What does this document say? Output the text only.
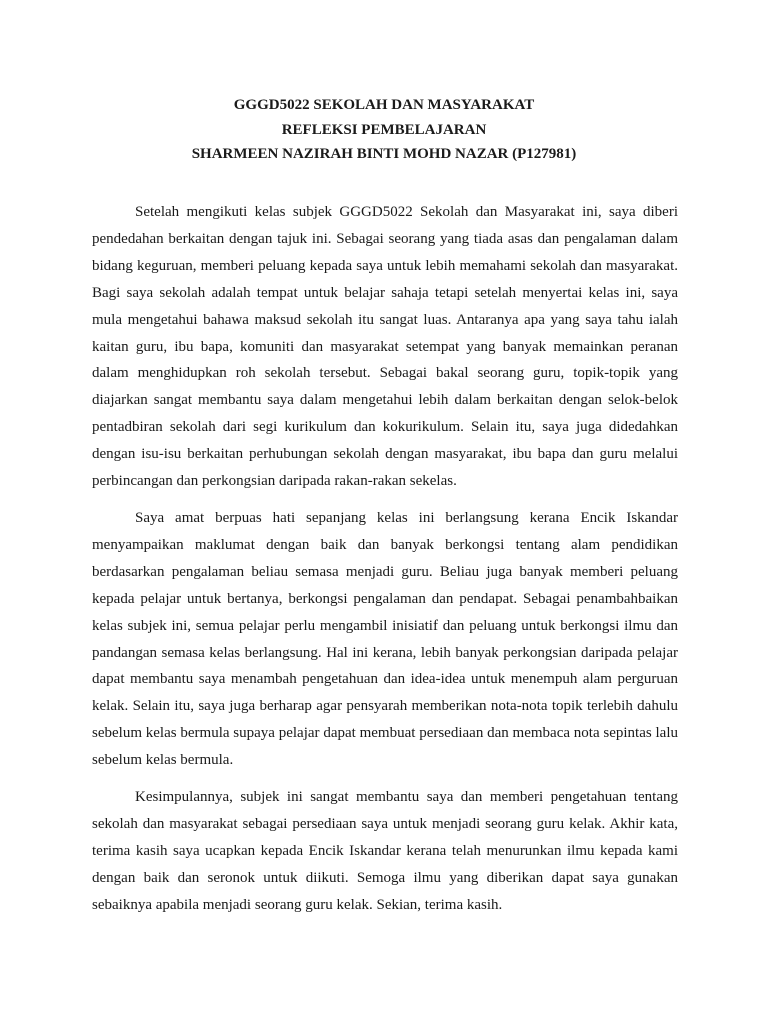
GGGD5022 SEKOLAH DAN MASYARAKAT
REFLEKSI PEMBELAJARAN
SHARMEEN NAZIRAH BINTI MOHD NAZAR (P127981)

Setelah mengikuti kelas subjek GGGD5022 Sekolah dan Masyarakat ini, saya diberi pendedahan berkaitan dengan tajuk ini. Sebagai seorang yang tiada asas dan pengalaman dalam bidang keguruan, memberi peluang kepada saya untuk lebih memahami sekolah dan masyarakat. Bagi saya sekolah adalah tempat untuk belajar sahaja tetapi setelah menyertai kelas ini, saya mula mengetahui bahawa maksud sekolah itu sangat luas. Antaranya apa yang saya tahu ialah kaitan guru, ibu bapa, komuniti dan masyarakat setempat yang banyak memainkan peranan dalam menghidupkan roh sekolah tersebut. Sebagai bakal seorang guru, topik-topik yang diajarkan sangat membantu saya dalam mengetahui lebih dalam berkaitan dengan selok-belok pentadbiran sekolah dari segi kurikulum dan kokurikulum. Selain itu, saya juga didedahkan dengan isu-isu berkaitan perhubungan sekolah dengan masyarakat, ibu bapa dan guru melalui perbincangan dan perkongsian daripada rakan-rakan sekelas.

Saya amat berpuas hati sepanjang kelas ini berlangsung kerana Encik Iskandar menyampaikan maklumat dengan baik dan banyak berkongsi tentang alam pendidikan berdasarkan pengalaman beliau semasa menjadi guru. Beliau juga banyak memberi peluang kepada pelajar untuk bertanya, berkongsi pengalaman dan pendapat. Sebagai penambahbaikan kelas subjek ini, semua pelajar perlu mengambil inisiatif dan peluang untuk berkongsi ilmu dan pandangan semasa kelas berlangsung. Hal ini kerana, lebih banyak perkongsian daripada pelajar dapat membantu saya menambah pengetahuan dan idea-idea untuk menempuh alam perguruan kelak. Selain itu, saya juga berharap agar pensyarah memberikan nota-nota topik terlebih dahulu sebelum kelas bermula supaya pelajar dapat membuat persediaan dan membaca nota sepintas lalu sebelum kelas bermula.

Kesimpulannya, subjek ini sangat membantu saya dan memberi pengetahuan tentang sekolah dan masyarakat sebagai persediaan saya untuk menjadi seorang guru kelak. Akhir kata, terima kasih saya ucapkan kepada Encik Iskandar kerana telah menurunkan ilmu kepada kami dengan baik dan seronok untuk diikuti. Semoga ilmu yang diberikan dapat saya gunakan sebaiknya apabila menjadi seorang guru kelak. Sekian, terima kasih.
